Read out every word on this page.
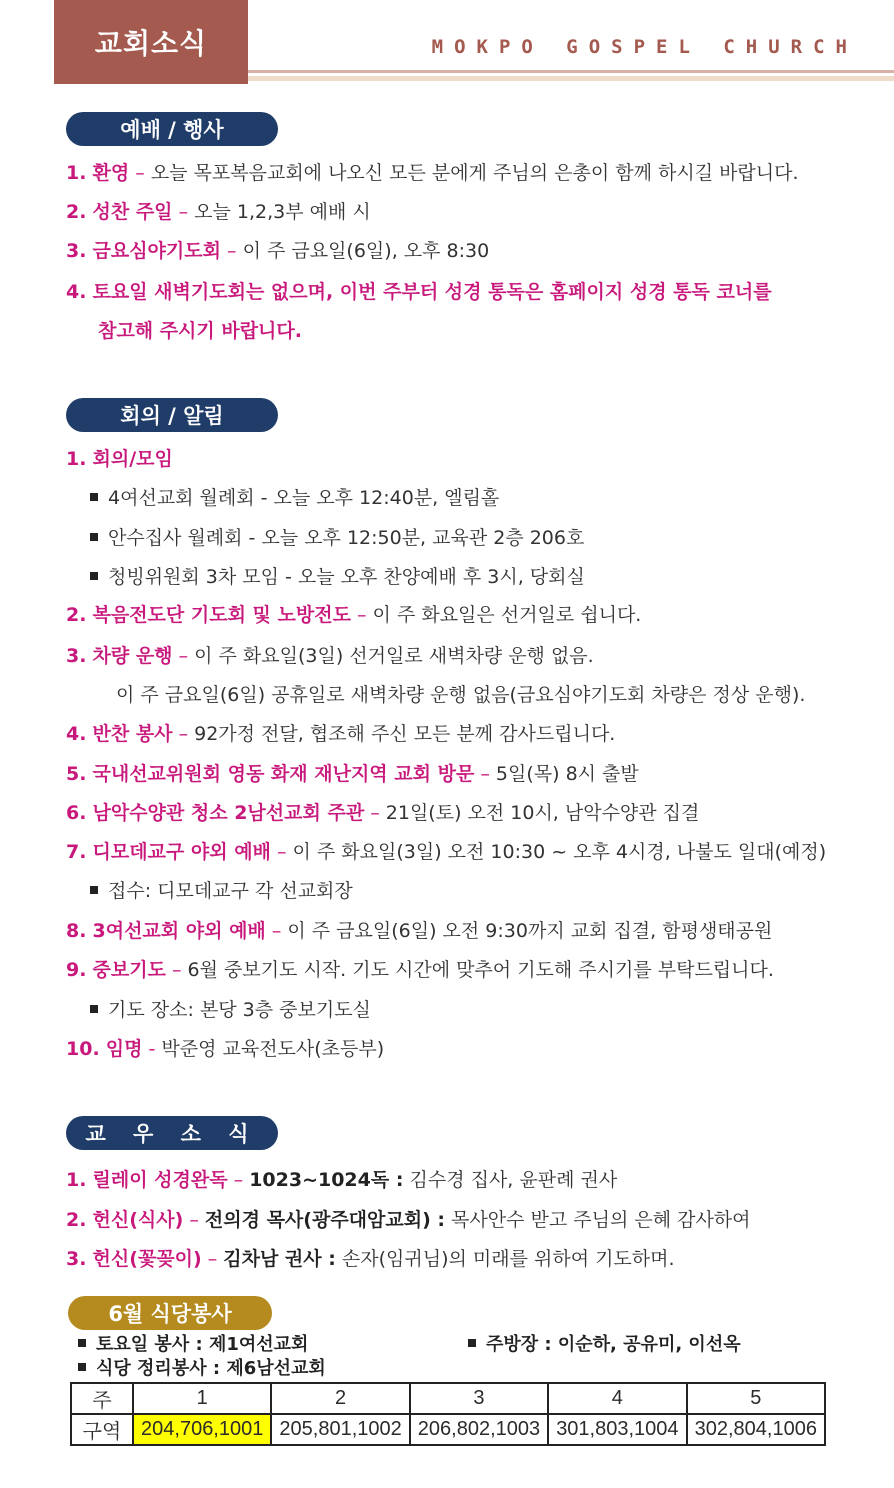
교회소식	MOKPO GOSPEL CHURCH
예배 / 행사
1. 환영 – 오늘 목포복음교회에 나오신 모든 분에게 주님의 은총이 함께 하시길 바랍니다.
2. 성찬 주일 – 오늘 1,2,3부 예배 시
3. 금요심야기도회 – 이 주 금요일(6일), 오후 8:30
4. 토요일 새벽기도회는 없으며, 이번 주부터 성경 통독은 홈페이지 성경 통독 코너를
참고해 주시기 바랍니다.
회의 / 알림
1. 회의/모임
4여선교회 월례회 - 오늘 오후 12:40분, 엘림홀
안수집사 월례회 - 오늘 오후 12:50분, 교육관 2층 206호
청빙위원회 3차 모임 - 오늘 오후 찬양예배 후 3시, 당회실
2. 복음전도단 기도회 및 노방전도 – 이 주 화요일은 선거일로 쉽니다.
3. 차량 운행 – 이 주 화요일(3일) 선거일로 새벽차량 운행 없음.
이 주 금요일(6일) 공휴일로 새벽차량 운행 없음(금요심야기도회 차량은 정상 운행).
4. 반찬 봉사 – 92가정 전달, 협조해 주신 모든 분께 감사드립니다.
5. 국내선교위원회 영동 화재 재난지역 교회 방문 – 5일(목) 8시 출발
6. 남악수양관 청소 2남선교회 주관 – 21일(토) 오전 10시, 남악수양관 집결
7. 디모데교구 야외 예배 – 이 주 화요일(3일) 오전 10:30 ~ 오후 4시경, 나불도 일대(예정)
접수: 디모데교구 각 선교회장
8. 3여선교회 야외 예배 – 이 주 금요일(6일) 오전 9:30까지 교회 집결, 함평생태공원
9. 중보기도 – 6월 중보기도 시작. 기도 시간에 맞추어 기도해 주시기를 부탁드립니다.
기도 장소: 본당 3층 중보기도실
10. 임명 - 박준영 교육전도사(초등부)
교 우 소 식
1. 릴레이 성경완독 – 1023~1024독 : 김수경 집사, 윤판례 권사
2. 헌신(식사) – 전의경 목사(광주대암교회) : 목사안수 받고 주님의 은혜 감사하여
3. 헌신(꽃꽂이) – 김차남 권사 : 손자(임귀님)의 미래를 위하여 기도하며.
6월 식당봉사
토요일 봉사 : 제1여선교회
식당 정리봉사 : 제6남선교회
주방장 : 이순하, 공유미, 이선옥
주	1	2	3	4	5
구역	204,706,1001	205,801,1002	206,802,1003	301,803,1004	302,804,1006
